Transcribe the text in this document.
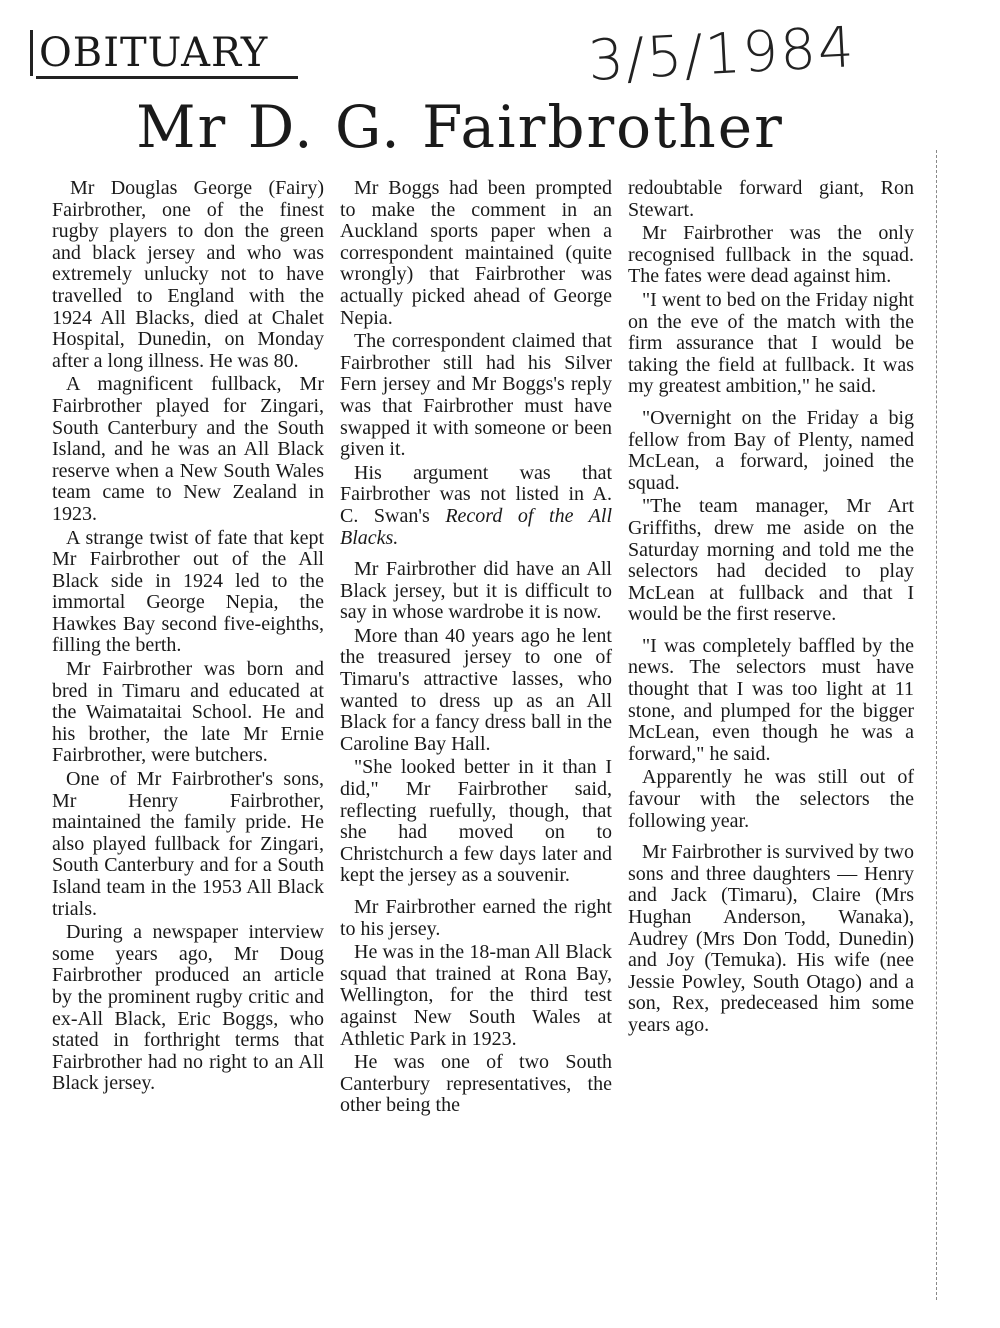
OBITUARY	3/5/1984
Mr D. G. Fairbrother

Mr Douglas George (Fairy) Fairbrother, one of the finest rugby players to don the green and black jersey and who was extremely unlucky not to have travelled to England with the 1924 All Blacks, died at Chalet Hospital, Dunedin, on Monday after a long illness. He was 80.

A magnificent fullback, Mr Fairbrother played for Zingari, South Canterbury and the South Island, and he was an All Black reserve when a New South Wales team came to New Zealand in 1923.

A strange twist of fate that kept Mr Fairbrother out of the All Black side in 1924 led to the immortal George Nepia, the Hawkes Bay second five-eighths, filling the berth.

Mr Fairbrother was born and bred in Timaru and educated at the Waimataitai School. He and his brother, the late Mr Ernie Fairbrother, were butchers.

One of Mr Fairbrother's sons, Mr Henry Fairbrother, maintained the family pride. He also played fullback for Zingari, South Canterbury and for a South Island team in the 1953 All Black trials.

During a newspaper interview some years ago, Mr Doug Fairbrother produced an article by the prominent rugby critic and ex-All Black, Eric Boggs, who stated in forthright terms that Fairbrother had no right to an All Black jersey.

Mr Boggs had been prompted to make the comment in an Auckland sports paper when a correspondent maintained (quite wrongly) that Fairbrother was actually picked ahead of George Nepia.

The correspondent claimed that Fairbrother still had his Silver Fern jersey and Mr Boggs's reply was that Fairbrother must have swapped it with someone or been given it.

His argument was that Fairbrother was not listed in A. C. Swan's Record of the All Blacks.

Mr Fairbrother did have an All Black jersey, but it is difficult to say in whose wardrobe it is now.

More than 40 years ago he lent the treasured jersey to one of Timaru's attractive lasses, who wanted to dress up as an All Black for a fancy dress ball in the Caroline Bay Hall.

"She looked better in it than I did," Mr Fairbrother said, reflecting ruefully, though, that she had moved on to Christchurch a few days later and kept the jersey as a souvenir.

Mr Fairbrother earned the right to his jersey.

He was in the 18-man All Black squad that trained at Rona Bay, Wellington, for the third test against New South Wales at Athletic Park in 1923.

He was one of two South Canterbury representatives, the other being the

redoubtable forward giant, Ron Stewart.

Mr Fairbrother was the only recognised fullback in the squad. The fates were dead against him.

"I went to bed on the Friday night on the eve of the match with the firm assurance that I would be taking the field at fullback. It was my greatest ambition," he said.

"Overnight on the Friday a big fellow from Bay of Plenty, named McLean, a forward, joined the squad.

"The team manager, Mr Art Griffiths, drew me aside on the Saturday morning and told me the selectors had decided to play McLean at fullback and that I would be the first reserve.

"I was completely baffled by the news. The selectors must have thought that I was too light at 11 stone, and plumped for the bigger McLean, even though he was a forward," he said.

Apparently he was still out of favour with the selectors the following year.

Mr Fairbrother is survived by two sons and three daughters — Henry and Jack (Timaru), Claire (Mrs Hughan Anderson, Wanaka), Audrey (Mrs Don Todd, Dunedin) and Joy (Temuka). His wife (nee Jessie Powley, South Otago) and a son, Rex, predeceased him some years ago.
